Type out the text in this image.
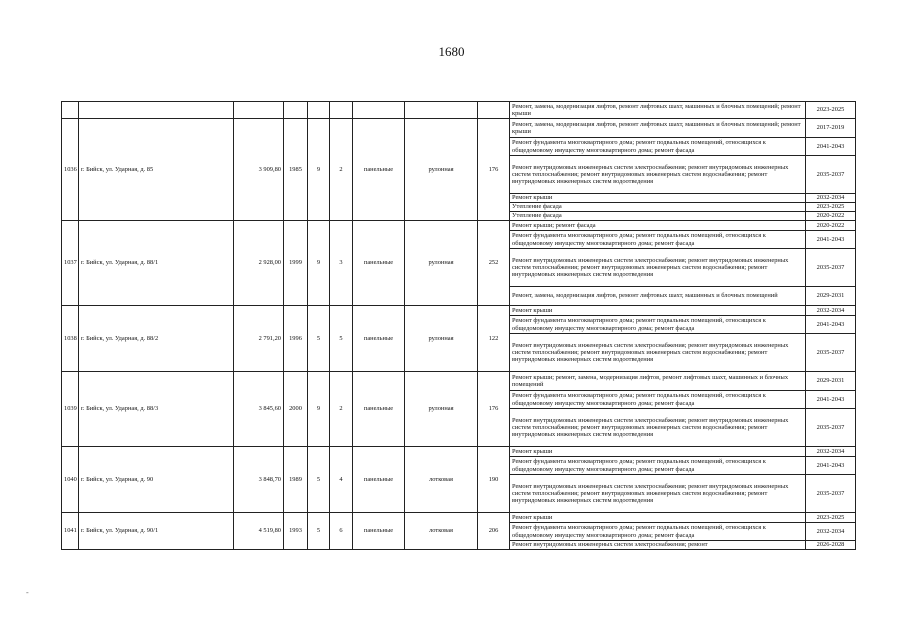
1680
									Ремонт, замена, модернизация лифтов, ремонт лифтовых шахт, машинных и блочных помещений; ремонт крыши	2023-2025
1036	г. Бийск, ул. Ударная, д. 85	3 909,80	1985	9	2	панельные	рулонная	176	Ремонт, замена, модернизация лифтов, ремонт лифтовых шахт, машинных и блочных помещений; ремонт крыши	2017-2019
									Ремонт фундамента многоквартирного дома; ремонт подвальных помещений, относящихся к общедомовому имуществу многоквартирного дома; ремонт фасада	2041-2043
									Ремонт внутридомовых инженерных систем электроснабжения; ремонт внутридомовых инженерных систем теплоснабжения; ремонт внутридомовых инженерных систем водоснабжения; ремонт внутридомовых инженерных систем водоотведения	2035-2037
									Ремонт крыши	2032-2034
									Утепление фасада	2023-2025
									Утепление фасада	2020-2022
1037	г. Бийск, ул. Ударная, д. 88/1	2 928,00	1999	9	3	панельные	рулонная	252	Ремонт крыши; ремонт фасада	2020-2022
									Ремонт фундамента многоквартирного дома; ремонт подвальных помещений, относящихся к общедомовому имуществу многоквартирного дома; ремонт фасада	2041-2043
									Ремонт внутридомовых инженерных систем электроснабжения; ремонт внутридомовых инженерных систем теплоснабжения; ремонт внутридомовых инженерных систем водоснабжения; ремонт внутридомовых инженерных систем водоотведения	2035-2037
									Ремонт, замена, модернизация лифтов, ремонт лифтовых шахт, машинных и блочных помещений	2029-2031
1038	г. Бийск, ул. Ударная, д. 88/2	2 791,20	1996	5	5	панельные	рулонная	122	Ремонт крыши	2032-2034
									Ремонт фундамента многоквартирного дома; ремонт подвальных помещений, относящихся к общедомовому имуществу многоквартирного дома; ремонт фасада	2041-2043
									Ремонт внутридомовых инженерных систем электроснабжения; ремонт внутридомовых инженерных систем теплоснабжения; ремонт внутридомовых инженерных систем водоснабжения; ремонт внутридомовых инженерных систем водоотведения	2035-2037
1039	г. Бийск, ул. Ударная, д. 88/3	3 845,60	2000	9	2	панельные	рулонная	176	Ремонт крыши; ремонт, замена, модернизация лифтов, ремонт лифтовых шахт, машинных и блочных помещений	2029-2031
									Ремонт фундамента многоквартирного дома; ремонт подвальных помещений, относящихся к общедомовому имуществу многоквартирного дома; ремонт фасада	2041-2043
									Ремонт внутридомовых инженерных систем электроснабжения; ремонт внутридомовых инженерных систем теплоснабжения; ремонт внутридомовых инженерных систем водоснабжения; ремонт внутридомовых инженерных систем водоотведения	2035-2037
1040	г. Бийск, ул. Ударная, д. 90	3 848,70	1989	5	4	панельные	лотковая	190	Ремонт крыши	2032-2034
									Ремонт фундамента многоквартирного дома; ремонт подвальных помещений, относящихся к общедомовому имуществу многоквартирного дома; ремонт фасада	2041-2043
									Ремонт внутридомовых инженерных систем электроснабжения; ремонт внутридомовых инженерных систем теплоснабжения; ремонт внутридомовых инженерных систем водоснабжения; ремонт внутридомовых инженерных систем водоотведения	2035-2037
1041	г. Бийск, ул. Ударная, д. 90/1	4 519,80	1993	5	6	панельные	лотковая	206	Ремонт крыши	2023-2025
									Ремонт фундамента многоквартирного дома; ремонт подвальных помещений, относящихся к общедомовому имуществу многоквартирного дома; ремонт фасада	2032-2034
									Ремонт внутридомовых инженерных систем электроснабжения; ремонт	2026-2028
-
